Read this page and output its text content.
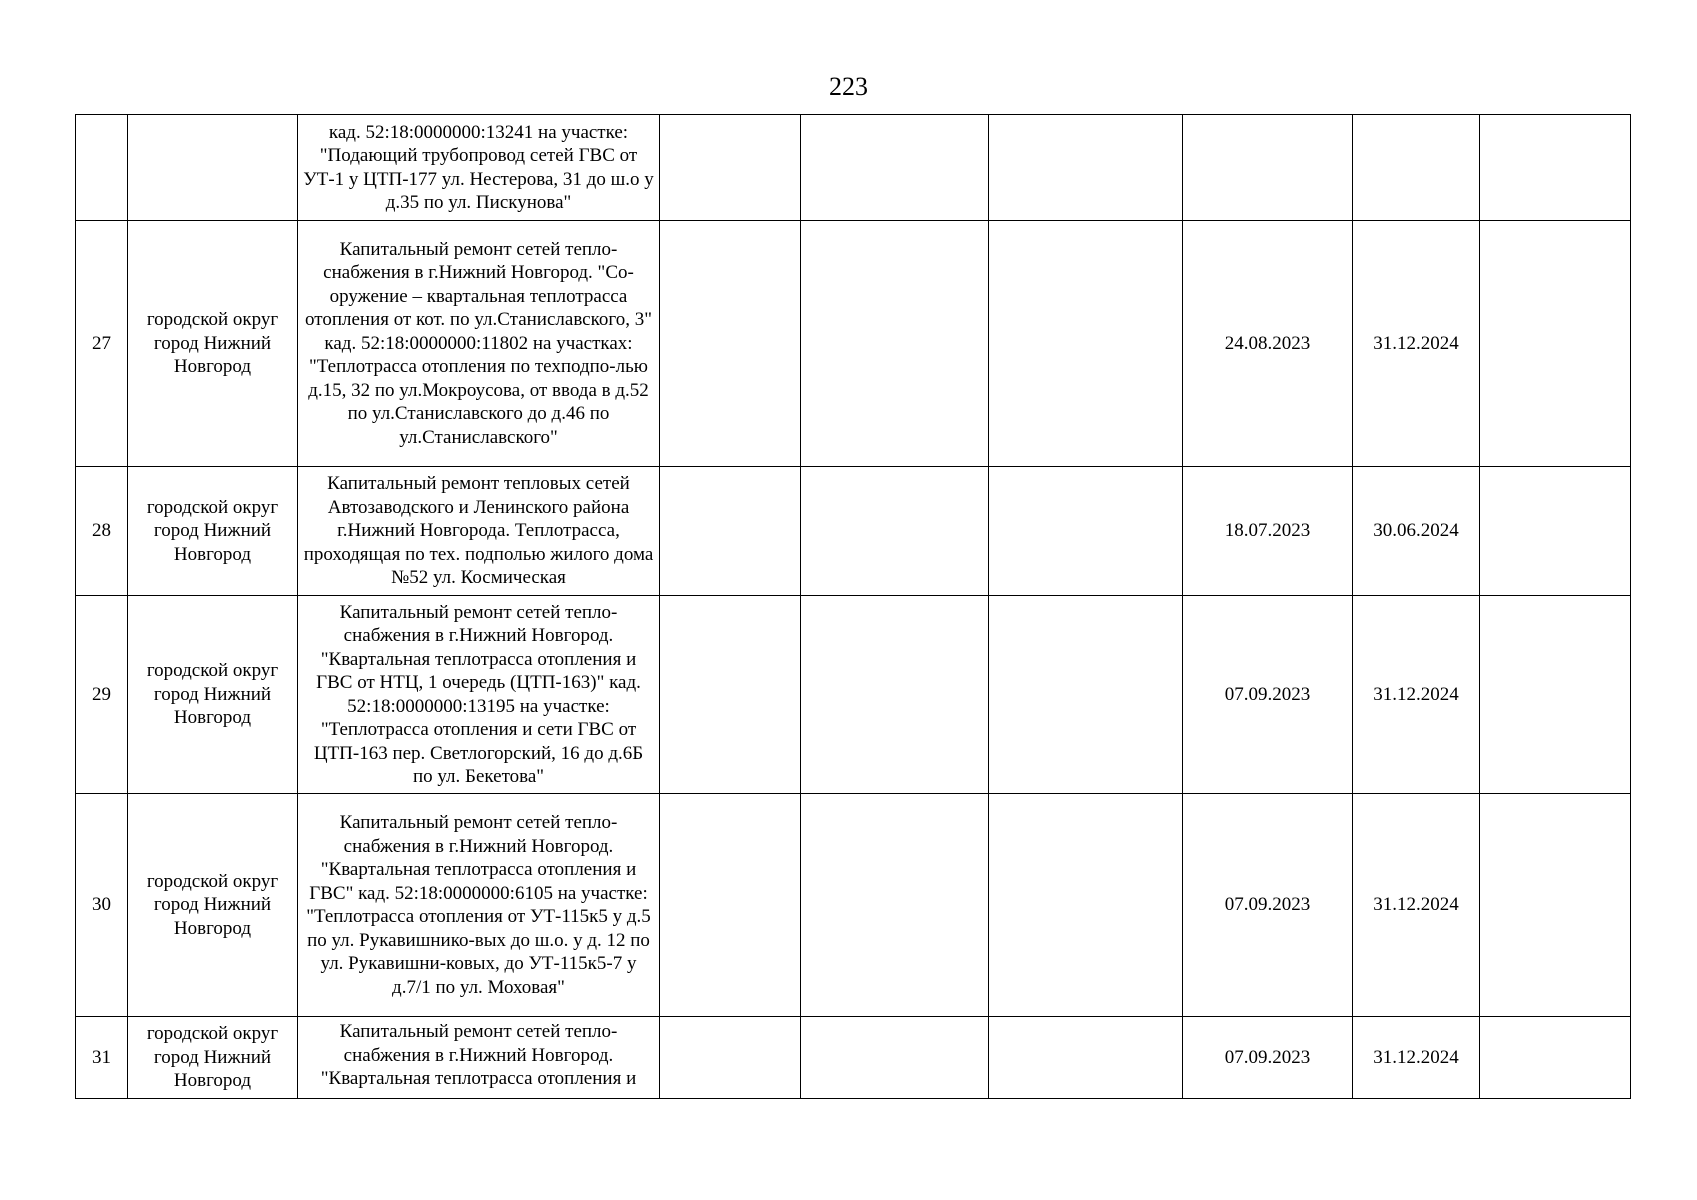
223
		кад. 52:18:0000000:13241 на участке: "Подающий трубопровод сетей ГВС от УТ-1 у ЦТП-177 ул. Нестерова, 31 до ш.о у д.35 по ул. Пискунова"						
27	городской округ город Нижний Новгород	Капитальный ремонт сетей тепло-снабжения в г.Нижний Новгород. "Со-оружение – квартальная теплотрасса отопления от кот. по ул.Станиславского, 3" кад. 52:18:0000000:11802 на участках: "Теплотрасса отопления по техподпо-лью д.15, 32 по ул.Мокроусова, от ввода в д.52 по ул.Станиславского до д.46 по ул.Станиславского"				24.08.2023	31.12.2024	
28	городской округ город Нижний Новгород	Капитальный ремонт тепловых сетей Автозаводского и Ленинского района г.Нижний Новгорода. Теплотрасса, проходящая по тех. подполью жилого дома №52 ул. Космическая				18.07.2023	30.06.2024	
29	городской округ город Нижний Новгород	Капитальный ремонт сетей тепло-снабжения в г.Нижний Новгород. "Квартальная теплотрасса отопления и ГВС от НТЦ, 1 очередь (ЦТП-163)" кад. 52:18:0000000:13195 на участке: "Теплотрасса отопления и сети ГВС от ЦТП-163 пер. Светлогорский, 16 до д.6Б по ул. Бекетова"				07.09.2023	31.12.2024	
30	городской округ город Нижний Новгород	Капитальный ремонт сетей тепло-снабжения в г.Нижний Новгород. "Квартальная теплотрасса отопления и ГВС" кад. 52:18:0000000:6105 на участке: "Теплотрасса отопления от УТ-115к5 у д.5 по ул. Рукавишнико-вых до ш.о. у д. 12 по ул. Рукавишни-ковых, до УТ-115к5-7 у д.7/1 по ул. Моховая"				07.09.2023	31.12.2024	
31	городской округ город Нижний Новгород	Капитальный ремонт сетей тепло-снабжения в г.Нижний Новгород. "Квартальная теплотрасса отопления и				07.09.2023	31.12.2024	
